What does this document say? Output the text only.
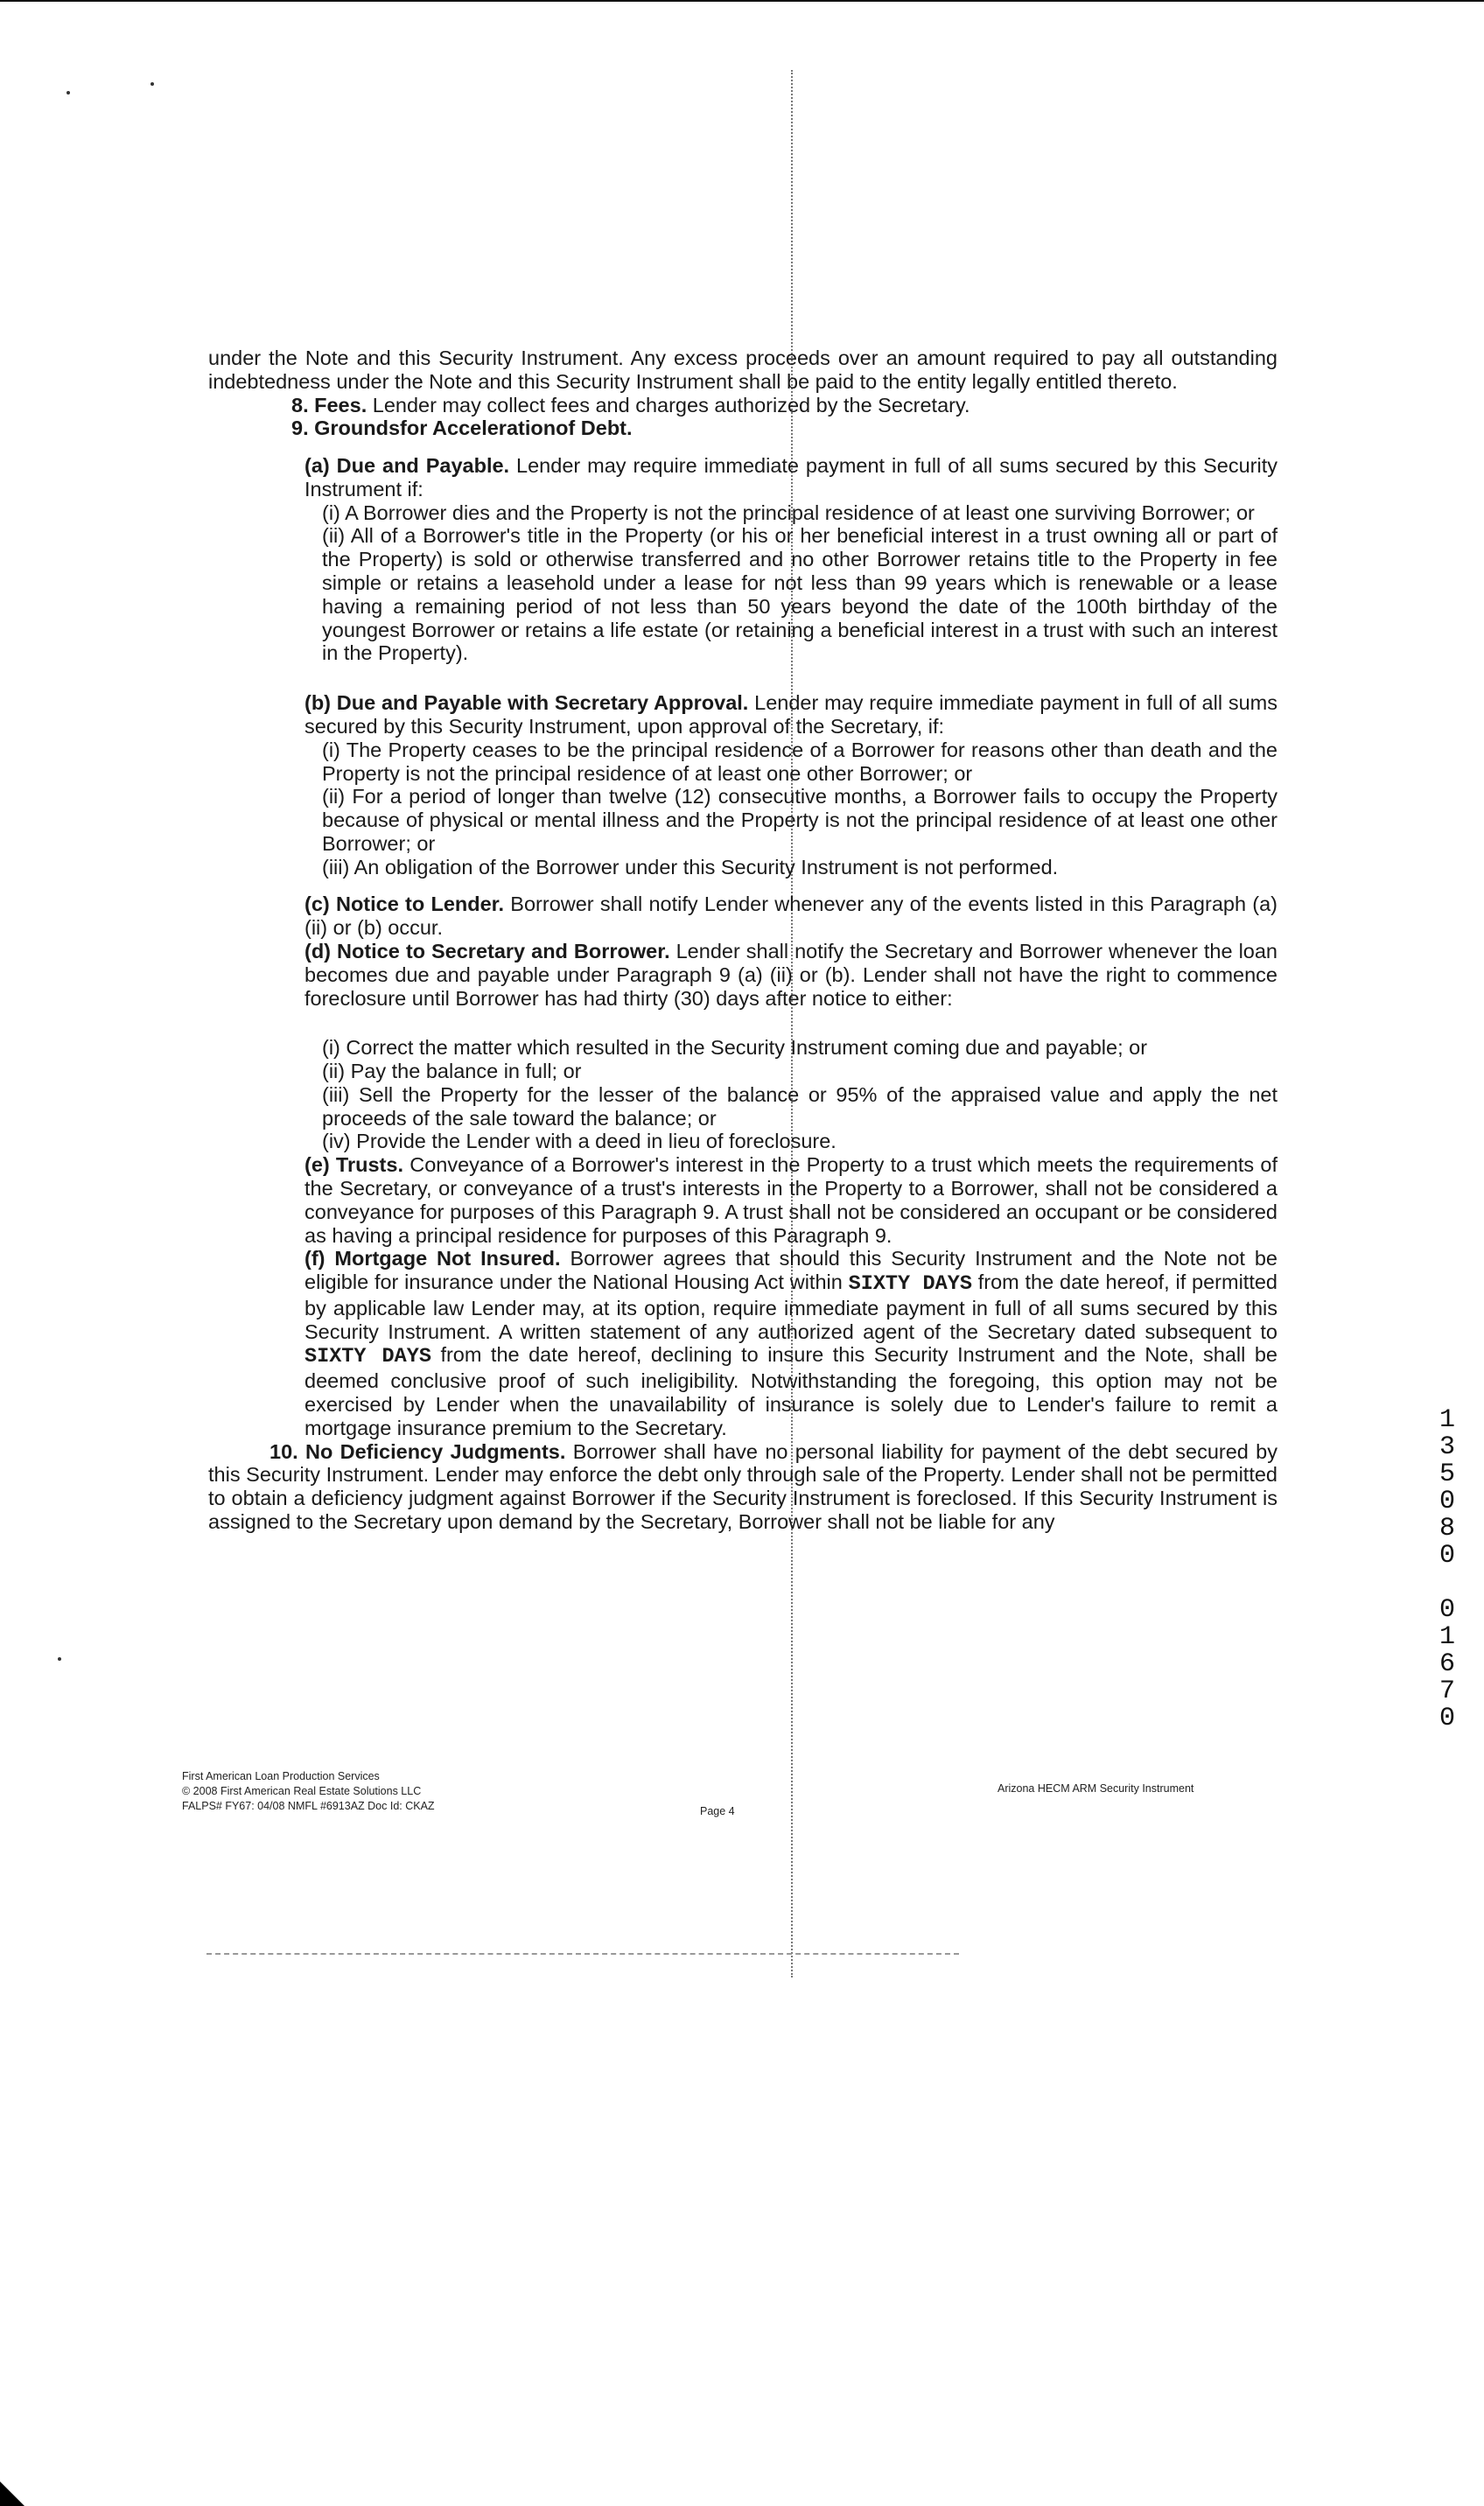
under the Note and this Security Instrument. Any excess proceeds over an amount required to pay all outstanding indebtedness under the Note and this Security Instrument shall be paid to the entity legally entitled thereto.

8. Fees. Lender may collect fees and charges authorized by the Secretary.

9. Groundsfor Accelerationof Debt.

(a) Due and Payable. Lender may require immediate payment in full of all sums secured by this Security Instrument if:

(i) A Borrower dies and the Property is not the principal residence of at least one surviving Borrower; or

(ii) All of a Borrower's title in the Property (or his or her beneficial interest in a trust owning all or part of the Property) is sold or otherwise transferred and no other Borrower retains title to the Property in fee simple or retains a leasehold under a lease for not less than 99 years which is renewable or a lease having a remaining period of not less than 50 years beyond the date of the 100th birthday of the youngest Borrower or retains a life estate (or retaining a beneficial interest in a trust with such an interest in the Property).

(b) Due and Payable with Secretary Approval. Lender may require immediate payment in full of all sums secured by this Security Instrument, upon approval of the Secretary, if:

(i) The Property ceases to be the principal residence of a Borrower for reasons other than death and the Property is not the principal residence of at least one other Borrower; or

(ii) For a period of longer than twelve (12) consecutive months, a Borrower fails to occupy the Property because of physical or mental illness and the Property is not the principal residence of at least one other Borrower; or

(iii) An obligation of the Borrower under this Security Instrument is not performed.

(c) Notice to Lender. Borrower shall notify Lender whenever any of the events listed in this Paragraph (a) (ii) or (b) occur.

(d) Notice to Secretary and Borrower. Lender shall notify the Secretary and Borrower whenever the loan becomes due and payable under Paragraph 9 (a) (ii) or (b). Lender shall not have the right to commence foreclosure until Borrower has had thirty (30) days after notice to either:

(i) Correct the matter which resulted in the Security Instrument coming due and payable; or

(ii) Pay the balance in full; or

(iii) Sell the Property for the lesser of the balance or 95% of the appraised value and apply the net proceeds of the sale toward the balance; or

(iv) Provide the Lender with a deed in lieu of foreclosure.

(e) Trusts. Conveyance of a Borrower's interest in the Property to a trust which meets the requirements of the Secretary, or conveyance of a trust's interests in the Property to a Borrower, shall not be considered a conveyance for purposes of this Paragraph 9. A trust shall not be considered an occupant or be considered as having a principal residence for purposes of this Paragraph 9.

(f) Mortgage Not Insured. Borrower agrees that should this Security Instrument and the Note not be eligible for insurance under the National Housing Act within SIXTY DAYS from the date hereof, if permitted by applicable law Lender may, at its option, require immediate payment in full of all sums secured by this Security Instrument. A written statement of any authorized agent of the Secretary dated subsequent to SIXTY DAYS from the date hereof, declining to insure this Security Instrument and the Note, shall be deemed conclusive proof of such ineligibility. Notwithstanding the foregoing, this option may not be exercised by Lender when the unavailability of insurance is solely due to Lender's failure to remit a mortgage insurance premium to the Secretary.

10. No Deficiency Judgments. Borrower shall have no personal liability for payment of the debt secured by this Security Instrument. Lender may enforce the debt only through sale of the Property. Lender shall not be permitted to obtain a deficiency judgment against Borrower if the Security Instrument is foreclosed. If this Security Instrument is assigned to the Secretary upon demand by the Secretary, Borrower shall not be liable for any

First American Loan Production Services
© 2008 First American Real Estate Solutions LLC
FALPS# FY67: 04/08 NMFL #6913AZ Doc Id: CKAZ	Page 4
Arizona HECM ARM Security Instrument
1
3
5
0
8
0

0
1
6
7
0
